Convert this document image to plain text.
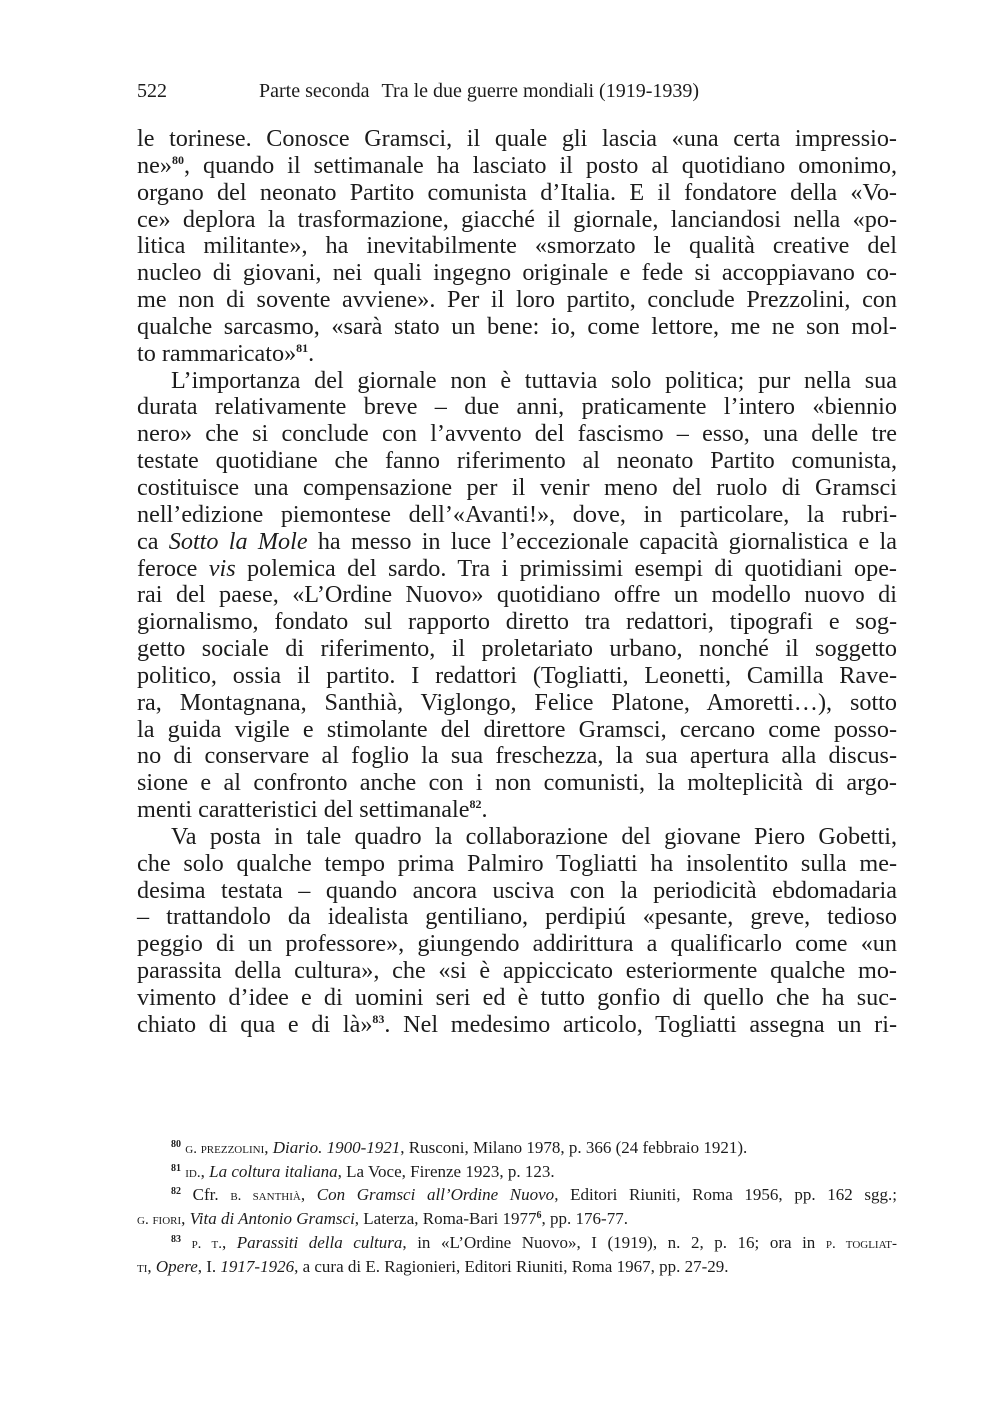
522	Parte seconda Tra le due guerre mondiali (1919-1939)

le torinese. Conosce Gramsci, il quale gli lascia «una certa impressio-
ne»$^{80}$, quando il settimanale ha lasciato il posto al quotidiano omonimo,
organo del neonato Partito comunista d’Italia. E il fondatore della «Vo-
ce» deplora la trasformazione, giacché il giornale, lanciandosi nella «po-
litica militante», ha inevitabilmente «smorzato le qualità creative del
nucleo di giovani, nei quali ingegno originale e fede si accoppiavano co-
me non di sovente avviene». Per il loro partito, conclude Prezzolini, con
qualche sarcasmo, «sarà stato un bene: io, come lettore, me ne son mol-

to rammaricato»$^{81}$.

L’importanza del giornale non è tuttavia solo politica; pur nella sua
durata relativamente breve – due anni, praticamente l’intero «biennio
nero» che si conclude con l’avvento del fascismo – esso, una delle tre
testate quotidiane che fanno riferimento al neonato Partito comunista,
costituisce una compensazione per il venir meno del ruolo di Gramsci
nell’edizione piemontese dell’«Avanti!», dove, in particolare, la rubri-
ca Sotto la Mole ha messo in luce l’eccezionale capacità giornalistica e la
feroce vis polemica del sardo. Tra i primissimi esempi di quotidiani ope-
rai del paese, «L’Ordine Nuovo» quotidiano offre un modello nuovo di
giornalismo, fondato sul rapporto diretto tra redattori, tipografi e sog-
getto sociale di riferimento, il proletariato urbano, nonché il soggetto
politico, ossia il partito. I redattori (Togliatti, Leonetti, Camilla Rave-
ra, Montagnana, Santhià, Viglongo, Felice Platone, Amoretti…), sotto
la guida vigile e stimolante del direttore Gramsci, cercano come posso-
no di conservare al foglio la sua freschezza, la sua apertura alla discus-
sione e al confronto anche con i non comunisti, la molteplicità di argo-

menti caratteristici del settimanale$^{82}$.

Va posta in tale quadro la collaborazione del giovane Piero Gobetti,
che solo qualche tempo prima Palmiro Togliatti ha insolentito sulla me-
desima testata – quando ancora usciva con la periodicità ebdomadaria
– trattandolo da idealista gentiliano, perdipiú «pesante, greve, tedioso
peggio di un professore», giungendo addirittura a qualificarlo come «un
parassita della cultura», che «si è appiccicato esteriormente qualche mo-
vimento d’idee e di uomini seri ed è tutto gonfio di quello che ha suc-
chiato di qua e di là»$^{83}$. Nel medesimo articolo, Togliatti assegna un ri-

$^{80}$ g. prezzolini, Diario. 1900-1921, Rusconi, Milano 1978, p. 366 (24 febbraio 1921).

$^{81}$ id., La coltura italiana, La Voce, Firenze 1923, p. 123.

$^{82}$ Cfr. b. santhià, Con Gramsci all’Ordine Nuovo, Editori Riuniti, Roma 1956, pp. 162 sgg.;

g. fiori, Vita di Antonio Gramsci, Laterza, Roma-Bari 1977$^6$, pp. 176-77.

$^{83}$ p. t., Parassiti della cultura, in «L’Ordine Nuovo», I (1919), n. 2, p. 16; ora in p. togliat-

ti, Opere, I. 1917-1926, a cura di E. Ragionieri, Editori Riuniti, Roma 1967, pp. 27-29.
